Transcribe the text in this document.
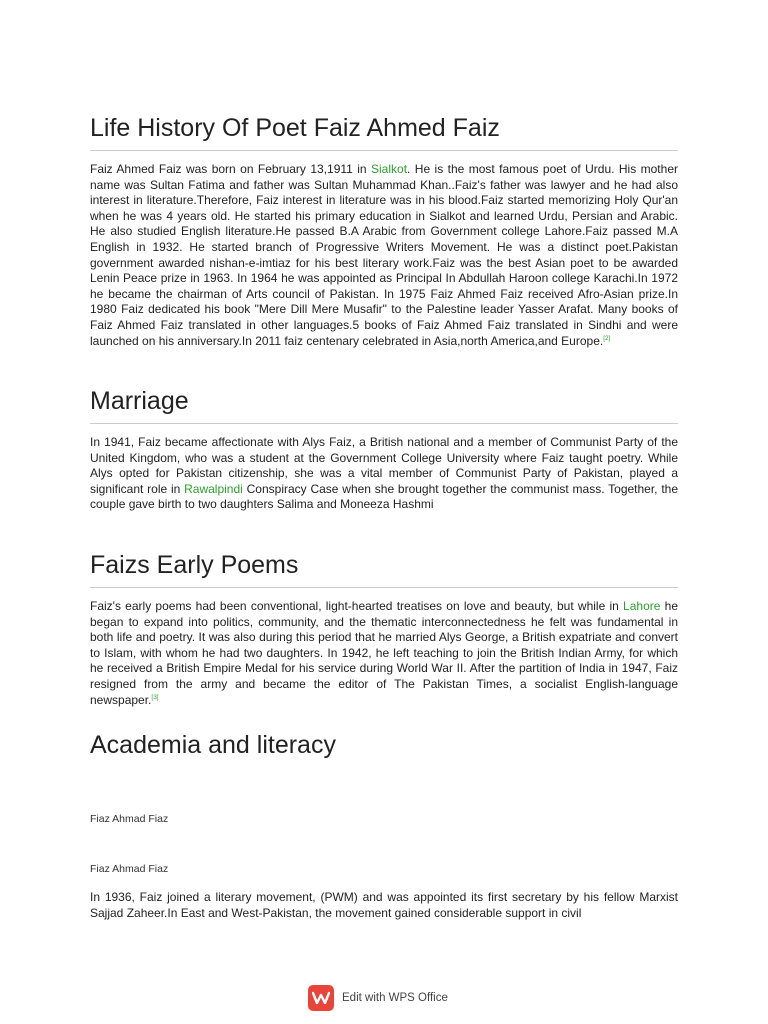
Life History Of Poet Faiz Ahmed Faiz

Faiz Ahmed Faiz was born on February 13,1911 in Sialkot. He is the most famous poet of Urdu. His mother name was Sultan Fatima and father was Sultan Muhammad Khan..Faiz's father was lawyer and he had also interest in literature.Therefore, Faiz interest in literature was in his blood.Faiz started memorizing Holy Qur'an when he was 4 years old. He started his primary education in Sialkot and learned Urdu, Persian and Arabic. He also studied English literature.He passed B.A Arabic from Government college Lahore.Faiz passed M.A English in 1932. He started branch of Progressive Writers Movement. He was a distinct poet.Pakistan government awarded nishan-e-imtiaz for his best literary work.Faiz was the best Asian poet to be awarded Lenin Peace prize in 1963. In 1964 he was appointed as Principal In Abdullah Haroon college Karachi.In 1972 he became the chairman of Arts council of Pakistan. In 1975 Faiz Ahmed Faiz received Afro-Asian prize.In 1980 Faiz dedicated his book "Mere Dill Mere Musafir" to the Palestine leader Yasser Arafat. Many books of Faiz Ahmed Faiz translated in other languages.5 books of Faiz Ahmed Faiz translated in Sindhi and were launched on his anniversary.In 2011 faiz centenary celebrated in Asia,north America,and Europe.[2]

Marriage

In 1941, Faiz became affectionate with Alys Faiz, a British national and a member of Communist Party of the United Kingdom, who was a student at the Government College University where Faiz taught poetry. While Alys opted for Pakistan citizenship, she was a vital member of Communist Party of Pakistan, played a significant role in Rawalpindi Conspiracy Case when she brought together the communist mass. Together, the couple gave birth to two daughters Salima and Moneeza Hashmi

Faizs Early Poems

Faiz's early poems had been conventional, light-hearted treatises on love and beauty, but while in Lahore he began to expand into politics, community, and the thematic interconnectedness he felt was fundamental in both life and poetry. It was also during this period that he married Alys George, a British expatriate and convert to Islam, with whom he had two daughters. In 1942, he left teaching to join the British Indian Army, for which he received a British Empire Medal for his service during World War II. After the partition of India in 1947, Faiz resigned from the army and became the editor of The Pakistan Times, a socialist English-language newspaper.[3]

Academia and literacy

Fiaz Ahmad Fiaz

Fiaz Ahmad Fiaz

In 1936, Faiz joined a literary movement, (PWM) and was appointed its first secretary by his fellow Marxist Sajjad Zaheer.In East and West-Pakistan, the movement gained considerable support in civil

Edit with WPS Office
